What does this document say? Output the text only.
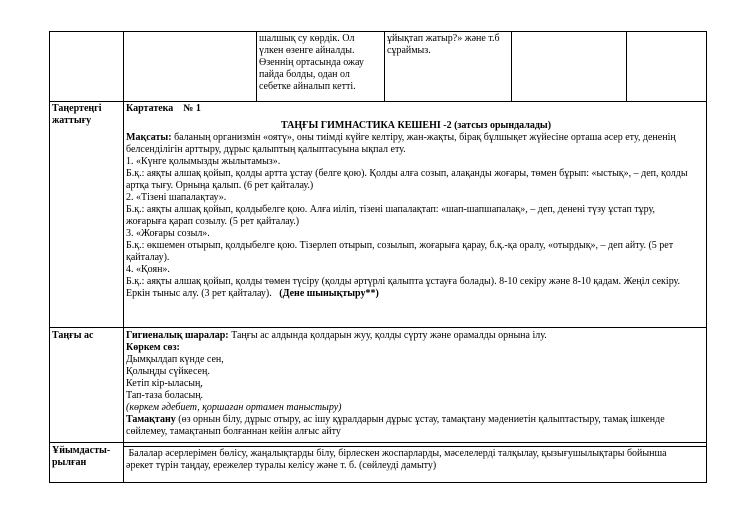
шалшық су көрдік. Ол
үлкен өзенге айналды.
Өзеннің ортасында ожау
пайда болды, одан ол
себетке айналып кетті.
ұйықтап жатыр?» және т.б
сұраймыз.
Таңертеңгі
жаттығу
Картатека    № 1
ТАҢҒЫ ГИМНАСТИКА КЕШЕНІ -2 (затсыз орындалады)
Мақсаты: баланың организмін «оятү», оны тиімді күйге келтіру, жан-жақты, бірақ бұлшықет жүйесіне орташа әсер ету, дененің
белсенділігін арттыру, дұрыс қалыптың қалыптасуына ықпал ету.
1. «Күнге қолымызды жылытамыз».
Б.қ.: аяқты алшақ қойып, қолды артта ұстау (белге қою). Қолды алға созып, алақанды жоғары, төмен бұрып: «ыстық», – деп, қолды
артқа тығу. Орныңа қалып. (6 рет қайталау.)
2. «Тізені шапалақтау».
Б.қ.: аяқты алшақ қойып, қолдыбелге қою. Алға иіліп, тізені шапалақтап: «шап-шапшапалақ», – деп, денені түзу ұстап тұру,
жоғарыға қарап созылу. (5 рет қайталау.)
3. «Жоғары созыл».
Б.қ.: өкшемен отырып, қолдыбелге қою. Тізерлеп отырып, созылып, жоғарыға қарау, б.қ.-қа оралу, «отырдық», – деп айту. (5 рет
қайталау).
4. «Қоян».
Б.қ.: аяқты алшақ қойып, қолды төмен түсіру (қолды әртүрлі қалыпта ұстауға болады). 8-10 секіру және 8-10 қадам. Жеңіл секіру.
Еркін тыныс алу. (3 рет қайталау).   (Дене шынықтыру**)
Таңғы ас	Гигиеналық шаралар: Таңғы ас алдында қолдарын жуу, қолды сүрту және орамалды орнына ілу.
Көркем сөз:
Дымқылдап күнде сен,
Қолыңды сүйкесең.
Кетіп кір-ыласың,
Тап-таза боласың.
(көркем әдебиет, қоршаған ортамен таныстыру)
Тамақтану (өз орнын білу, дұрыс отыру, ас ішу құралдарын дұрыс ұстау, тамақтану мәдениетін қалыптастыру, тамақ ішкенде
сөйлемеу, тамақтанып болғаннан кейін алғыс айту
Ұйымдасты-
рылған
Балалар әсерлерімен бөлісу, жаңалықтарды білу, бірлескен жоспарларды, мәселелерді талқылау, қызығушылықтары бойынша
әрекет түрін таңдау, ережелер туралы келісу және т. б. (сөйлеуді дамыту)
